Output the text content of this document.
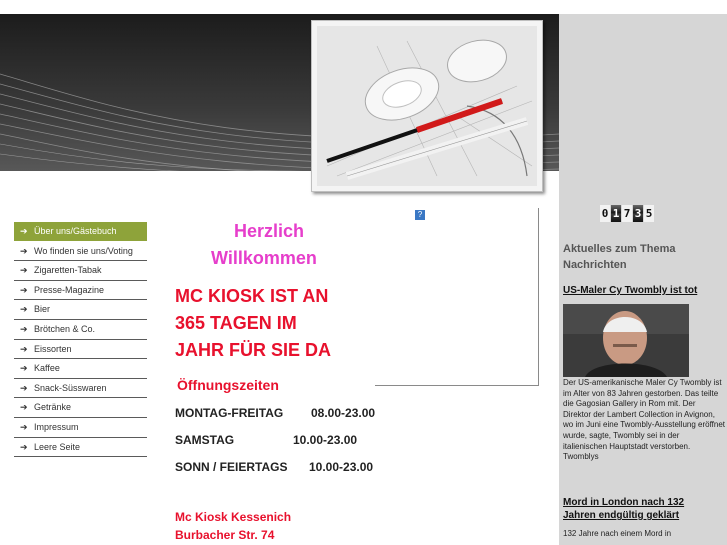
➔ Über uns/Gästebuch
➔ Wo finden sie uns/Voting
➔ Zigaretten-Tabak
➔ Presse-Magazine
➔ Bier
➔ Brötchen & Co.
➔ Eissorten
➔ Kaffee
➔ Snack-Süsswaren
➔ Getränke
➔ Impressum
➔ Leere Seite
Herzlich
Willkommen
MC KIOSK IST AN
365 TAGEN IM
JAHR FÜR SIE DA
Öffnungszeiten
MONTAG-FREITAG 08.00-23.00
SAMSTAG	10.00-23.00
SONN / FEIERTAGS 10.00-23.00
Mc Kiosk Kessenich
Burbacher Str. 74
?	0 1 7 3 5
Aktuelles zum Thema
Nachrichten
US-Maler Cy Twombly ist tot
Der US-amerikanische Maler Cy Twombly ist im Alter von 83 Jahren gestorben. Das teilte die Gagosian Gallery in Rom mit. Der Direktor der Lambert Collection in Avignon, wo im Juni eine Twombly-Ausstellung eröffnet wurde, sagte, Twombly sei in der italienischen Hauptstadt verstorben. Twomblys
Mord in London nach 132
Jahren endgültig geklärt
132 Jahre nach einem Mord in
